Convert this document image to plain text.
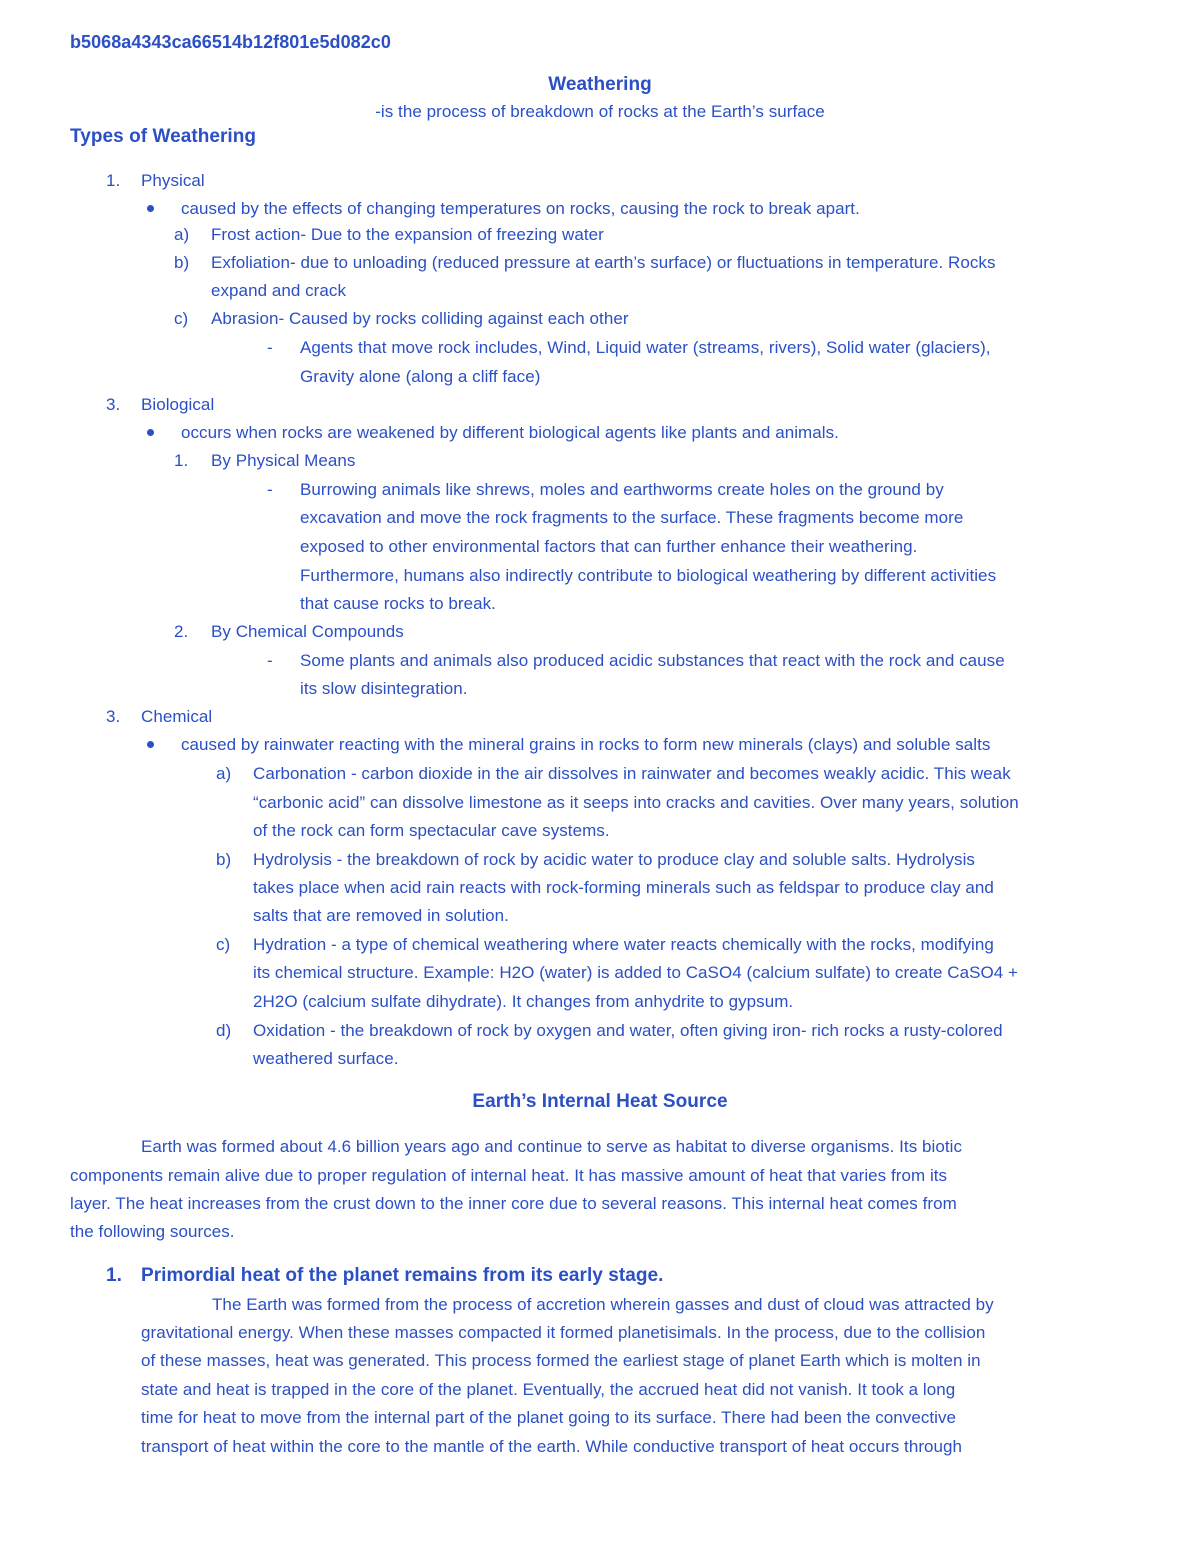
b5068a4343ca66514b12f801e5d082c0
Weathering
-is the process of breakdown of rocks at the Earth’s surface
Types of Weathering
1. Physical
caused by the effects of changing temperatures on rocks, causing the rock to break apart.
a) Frost action- Due to the expansion of freezing water
b) Exfoliation- due to unloading (reduced pressure at earth’s surface) or fluctuations in temperature. Rocks
expand and crack
c) Abrasion- Caused by rocks colliding against each other
- Agents that move rock includes, Wind, Liquid water (streams, rivers), Solid water (glaciers),
Gravity alone (along a cliff face)
3. Biological
occurs when rocks are weakened by different biological agents like plants and animals.
1. By Physical Means
- Burrowing animals like shrews, moles and earthworms create holes on the ground by
excavation and move the rock fragments to the surface. These fragments become more
exposed to other environmental factors that can further enhance their weathering.
Furthermore, humans also indirectly contribute to biological weathering by different activities
that cause rocks to break.
2. By Chemical Compounds
- Some plants and animals also produced acidic substances that react with the rock and cause
its slow disintegration.
3. Chemical
caused by rainwater reacting with the mineral grains in rocks to form new minerals (clays) and soluble salts
a) Carbonation - carbon dioxide in the air dissolves in rainwater and becomes weakly acidic. This weak
“carbonic acid” can dissolve limestone as it seeps into cracks and cavities. Over many years, solution
of the rock can form spectacular cave systems.
b) Hydrolysis - the breakdown of rock by acidic water to produce clay and soluble salts. Hydrolysis
takes place when acid rain reacts with rock-forming minerals such as feldspar to produce clay and
salts that are removed in solution.
c) Hydration - a type of chemical weathering where water reacts chemically with the rocks, modifying
its chemical structure. Example: H2O (water) is added to CaSO4 (calcium sulfate) to create CaSO4 +
2H2O (calcium sulfate dihydrate). It changes from anhydrite to gypsum.
d) Oxidation - the breakdown of rock by oxygen and water, often giving iron- rich rocks a rusty-colored
weathered surface.
Earth’s Internal Heat Source
Earth was formed about 4.6 billion years ago and continue to serve as habitat to diverse organisms. Its biotic
components remain alive due to proper regulation of internal heat. It has massive amount of heat that varies from its
layer. The heat increases from the crust down to the inner core due to several reasons. This internal heat comes from
the following sources.
1. Primordial heat of the planet remains from its early stage.
The Earth was formed from the process of accretion wherein gasses and dust of cloud was attracted by
gravitational energy. When these masses compacted it formed planetisimals. In the process, due to the collision
of these masses, heat was generated. This process formed the earliest stage of planet Earth which is molten in
state and heat is trapped in the core of the planet. Eventually, the accrued heat did not vanish. It took a long
time for heat to move from the internal part of the planet going to its surface. There had been the convective
transport of heat within the core to the mantle of the earth. While conductive transport of heat occurs through
